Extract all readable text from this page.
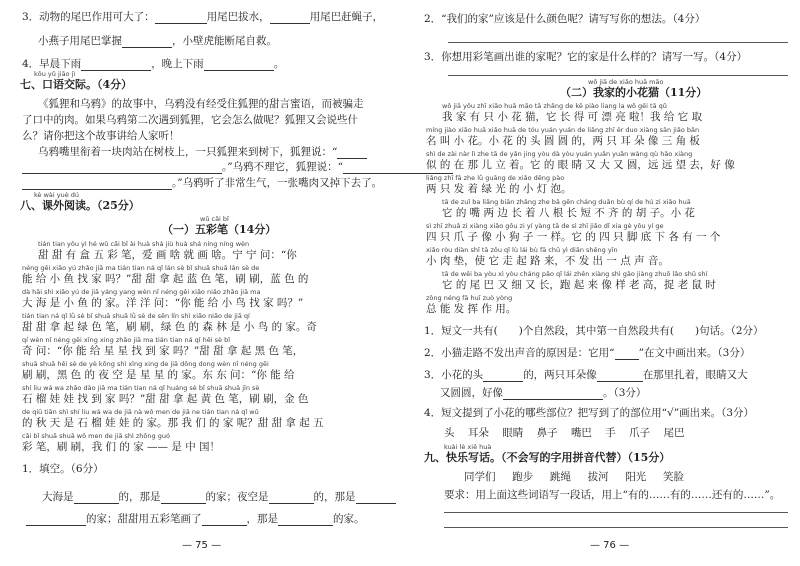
3．动物的尾巴作用可大了：	用尾巴拔水，	用尾巴赶蝇子，
小燕子用尾巴掌握	，小壁虎能断尾自救。
4．早晨下雨	，晚上下雨	。
kǒu yǔ jiāo jì
七、口语交际。（4分）
《狐狸和乌鸦》的故事中，乌鸦没有经受住狐狸的甜言蜜语，而被骗走
了口中的肉。如果乌鸦第二次遇到狐狸，它会怎么做呢？狐狸又会说些什
么？请你把这个故事讲给人家听！
乌鸦嘴里衔着一块肉站在树枝上，一只狐狸来到树下，狐狸说：“
。”乌鸦不理它，狐狸说：“
。”乌鸦听了非常生气，一张嘴肉又掉下去了。
kè wài yuè dú
八、课外阅读。（25分）
wǔ cǎi bǐ
（一）五彩笔（14分）
tián tian yǒu yì hé wǔ cǎi bǐ ài huà shá jiù huà shá níng níng wèn
甜 甜 有 盒 五 彩 笔，爱 画 啥 就 画 啥。宁 宁 问：“你
néng gěi xiǎo yú zhǎo jiā ma tián tian ná qǐ lán sè bǐ shuā shuā lán sè de
能 给 小 鱼 找 家 吗？”甜 甜 拿 起 蓝 色 笔，刷 刷，蓝 色 的
dà hǎi shì xiǎo yú de jiā yáng yang wèn nǐ néng gěi xiǎo niǎo zhǎo jiā ma
大 海 是 小 鱼 的 家。洋 洋 问：“你 能 给 小 鸟 找 家 吗？”
tián tian ná qǐ lǜ sè bǐ shuā shuā lǜ sè de sēn lín shì xiǎo niǎo de jiā qí
甜 甜 拿 起 绿 色 笔，刷 刷，绿 色 的 森 林 是 小 鸟 的 家。奇
qí wèn nǐ néng gěi xīng xing zhǎo jiā ma tián tian ná qǐ hēi sè bǐ
奇 问：“你 能 给 星 星 找 到 家 吗？”甜 甜 拿 起 黑 色 笔，
shuā shuā hēi sè de yè kōng shì xīng xing de jiā dōng dong wèn nǐ néng gěi
刷 刷，黑 色 的 夜 空 是 星 星 的 家。东 东 问：“你 能 给
shí liu wá wa zhǎo dào jiā ma tián tian ná qǐ huáng sè bǐ shuā shuā jīn sè
石 榴 娃 娃 找 到 家 吗？”甜 甜 拿 起 黄 色 笔，刷 刷，金 色
de qiū tiān shì shí liu wá wa de jiā nà wǒ men de jiā ne tián tian ná qǐ wǔ
的 秋 天 是 石 榴 娃 娃 的 家。那 我 们 的 家 呢？甜 甜 拿 起 五
cǎi bǐ shuā shuā wǒ men de jiā shì zhōng guó
彩 笔，刷 刷，我 们 的 家 —— 是 中 国！
1．填空。（6分）
大海是	的，那是	的家；夜空是	的，那是
的家；甜甜用五彩笔画了	，那是	的家。
— 75 —
2．“我们的家”应该是什么颜色呢？请写写你的想法。（4分）
3．你想用彩笔画出谁的家呢？它的家是什么样的？请写一写。（4分）
wǒ jiā de xiǎo huā māo
（二）我家的小花猫（11分）
wǒ jiā yǒu zhī xiǎo huā māo tā zhǎng de kě piào liang la wǒ gěi tā qǔ
我 家 有 只 小 花 猫，它 长 得 可 漂 亮 啦！我 给 它 取
míng jiào xiǎo huā xiǎo huā de tóu yuán yuán de liǎng zhī ěr duo xiàng sān jiǎo bǎn
名 叫 小 花。小 花 的 头 圆 圆 的，两 只 耳 朵 像 三 角 板
shì de zài nàr lì zhe tā de yǎn jing yòu dà yòu yuán yuǎn yuǎn wàng qù hǎo xiàng
似 的 在 那 儿 立 着。它 的 眼 睛 又 大 又 圆，远 远 望 去，好 像
liǎng zhī fā zhe lǜ guāng de xiǎo dēng pào
两 只 发 着 绿 光 的 小 灯 泡。
tā de zuǐ ba liǎng biān zhǎng zhe bā gēn cháng duǎn bù qí de hú zi xiǎo huā
它 的 嘴 两 边 长 着 八 根 长 短 不 齐 的 胡 子。小 花
sì zhī zhuǎ zi xiàng xiǎo gǒu zi yí yàng tā de sì zhī jiǎo dǐ xia gè yǒu yí ge
四 只 爪 子 像 小 狗 子 一 样。它 的 四 只 脚 底 下 各 有 一 个
xiǎo ròu diàn shǐ tā zǒu qǐ lù lái bù fā chū yì diǎn shēng yīn
小 肉 垫，使 它 走 起 路 来，不 发 出 一 点 声 音。
tā de wěi ba yòu xì yòu cháng pǎo qǐ lái zhēn xiàng shì gāo jiàng zhuō lǎo shǔ shí
它 的 尾 巴 又 细 又 长，跑 起 来 像 样 老 高，捉 老 鼠 时
zǒng néng fā huī zuò yòng
总 能 发 挥 作 用。
1．短文一共有(　　)个自然段，其中第一自然段共有(　　)句话。（2分）
2．小猫走路不发出声音的原因是：它用“ ”在文中画出来。（3分）
3．小花的头	的，两只耳朵像	在那里扎着，眼睛又大
又圆圆，好像	。（3分）
4．短文提到了小花的哪些部位？把写到了的部位用“√”画出来。（3分）
头 耳朵 眼睛 鼻子 嘴巴 手 爪子 尾巴
kuài lè xiě huà
九、快乐写话。（不会写的字用拼音代替）（15分）
同学们 跑步 跳绳 拔河 阳光 笑脸
要求：用上面这些词语写一段话，用上“有的……有的……还有的……”。
— 76 —
